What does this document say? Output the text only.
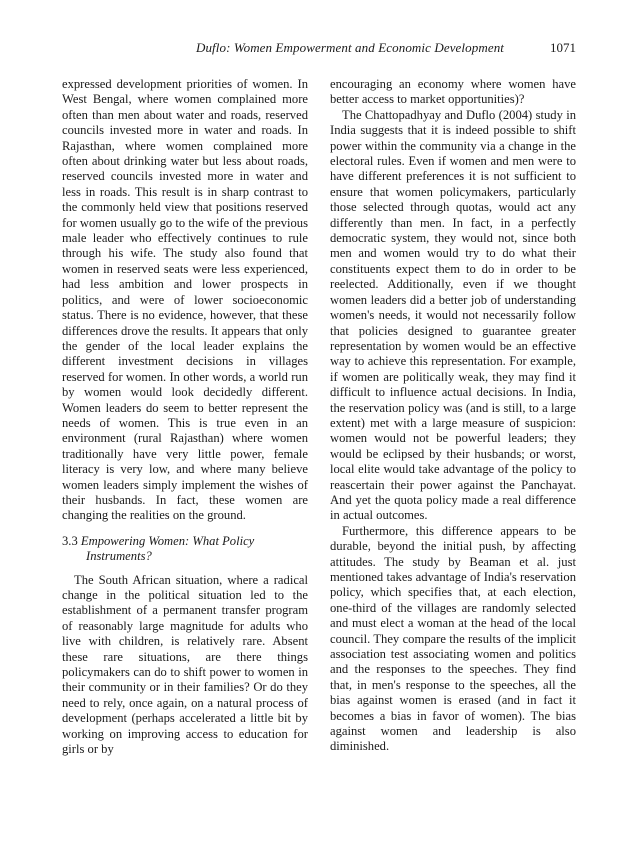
Duflo: Women Empowerment and Economic Development	1071

expressed development priorities of women. In West Bengal, where women complained more often than men about water and roads, reserved councils invested more in water and roads. In Rajasthan, where women complained more often about drinking water but less about roads, reserved councils invested more in water and less in roads. This result is in sharp contrast to the commonly held view that positions reserved for women usually go to the wife of the previous male leader who effectively continues to rule through his wife. The study also found that women in reserved seats were less experienced, had less ambition and lower prospects in politics, and were of lower socioeconomic status. There is no evidence, however, that these differences drove the results. It appears that only the gender of the local leader explains the different investment decisions in villages reserved for women. In other words, a world run by women would look decidedly different. Women leaders do seem to better represent the needs of women. This is true even in an environment (rural Rajasthan) where women traditionally have very little power, female literacy is very low, and where many believe women leaders simply implement the wishes of their husbands. In fact, these women are changing the realities on the ground.

3.3 Empowering Women: What Policy
Instruments?

The South African situation, where a radical change in the political situation led to the establishment of a permanent transfer program of reasonably large magnitude for adults who live with children, is relatively rare. Absent these rare situations, are there things policymakers can do to shift power to women in their community or in their families? Or do they need to rely, once again, on a natural process of development (perhaps accelerated a little bit by working on improving access to education for girls or by

encouraging an economy where women have better access to market opportunities)?

The Chattopadhyay and Duflo (2004) study in India suggests that it is indeed possible to shift power within the community via a change in the electoral rules. Even if women and men were to have different preferences it is not sufficient to ensure that women policymakers, particularly those selected through quotas, would act any differently than men. In fact, in a perfectly democratic system, they would not, since both men and women would try to do what their constituents expect them to do in order to be reelected. Additionally, even if we thought women leaders did a better job of understanding women's needs, it would not necessarily follow that policies designed to guarantee greater representation by women would be an effective way to achieve this representation. For example, if women are politically weak, they may find it difficult to influence actual decisions. In India, the reservation policy was (and is still, to a large extent) met with a large measure of suspicion: women would not be powerful leaders; they would be eclipsed by their husbands; or worst, local elite would take advantage of the policy to reascertain their power against the Panchayat. And yet the quota policy made a real difference in actual outcomes.

Furthermore, this difference appears to be durable, beyond the initial push, by affecting attitudes. The study by Beaman et al. just mentioned takes advantage of India's reservation policy, which specifies that, at each election, one-third of the villages are randomly selected and must elect a woman at the head of the local council. They compare the results of the implicit association test associating women and politics and the responses to the speeches. They find that, in men's response to the speeches, all the bias against women is erased (and in fact it becomes a bias in favor of women). The bias against women and leadership is also diminished.
